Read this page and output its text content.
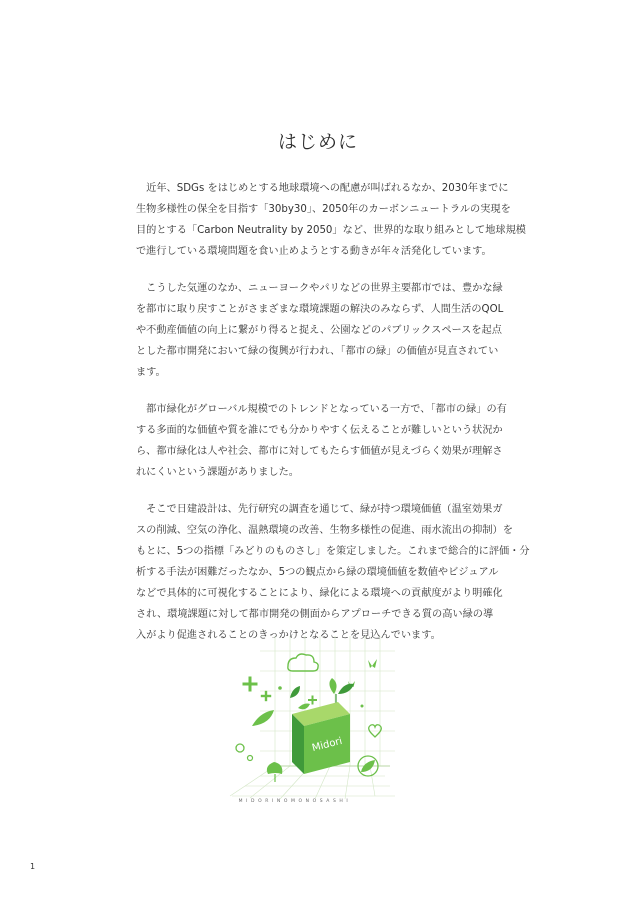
はじめに

　近年、SDGs をはじめとする地球環境への配慮が叫ばれるなか、2030年までに
生物多様性の保全を目指す「30by30」、2050年のカーボンニュートラルの実現を
目的とする「Carbon Neutrality by 2050」など、世界的な取り組みとして地球規模
で進行している環境問題を食い止めようとする動きが年々活発化しています。

　こうした気運のなか、ニューヨークやパリなどの世界主要都市では、豊かな緑
を都市に取り戻すことがさまざまな環境課題の解決のみならず、人間生活のQOL
や不動産価値の向上に繋がり得ると捉え、公園などのパブリックスペースを起点
とした都市開発において緑の復興が行われ、「都市の緑」の価値が見直されてい
ます。

　都市緑化がグローバル規模でのトレンドとなっている一方で、「都市の緑」の有
する多面的な価値や質を誰にでも分かりやすく伝えることが難しいという状況か
ら、都市緑化は人や社会、都市に対してもたらす価値が見えづらく効果が理解さ
れにくいという課題がありました。

　そこで日建設計は、先行研究の調査を通じて、緑が持つ環境価値（温室効果ガ
スの削減、空気の浄化、温熱環境の改善、生物多様性の促進、雨水流出の抑制）を
もとに、5つの指標「みどりのものさし」を策定しました。これまで総合的に評価・分
析する手法が困難だったなか、5つの観点から緑の環境価値を数値やビジュアル
などで具体的に可視化することにより、緑化による環境への貢献度がより明確化
され、環境課題に対して都市開発の側面からアプローチできる質の高い緑の導
入がより促進されることのきっかけとなることを見込んでいます。

Midori
MIDORINOMONOSASHI
1
